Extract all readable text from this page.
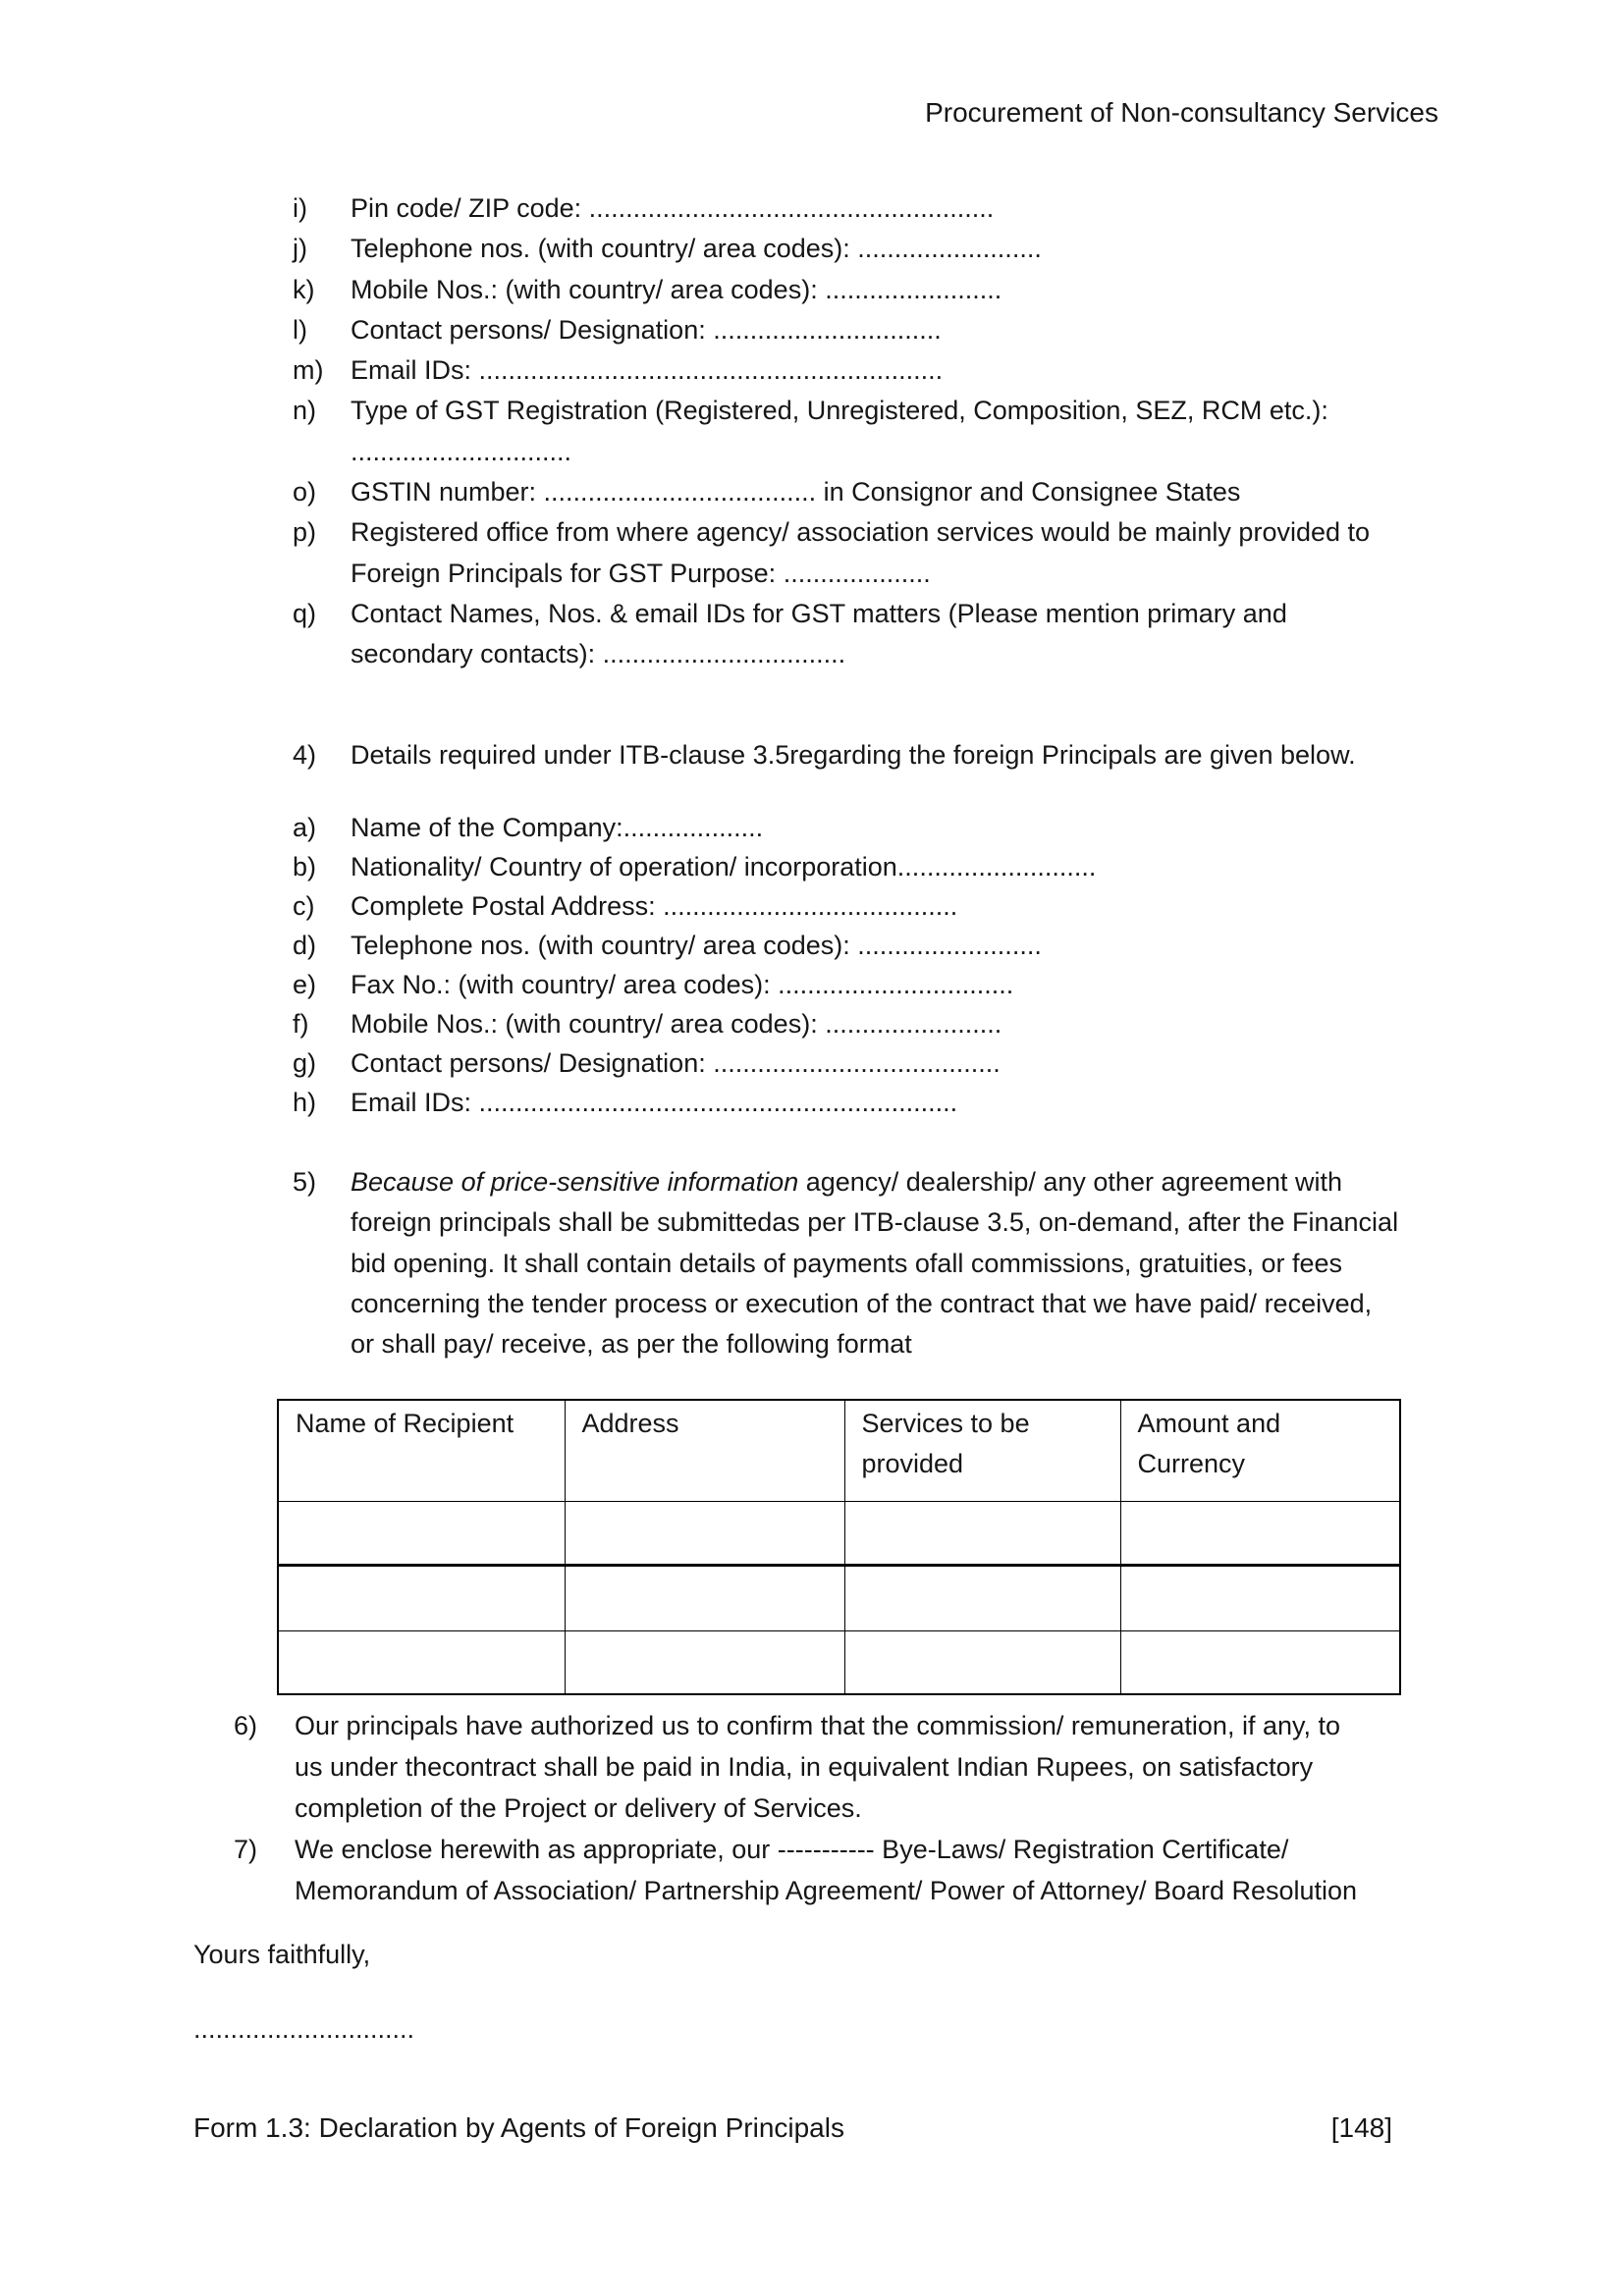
Procurement of Non-consultancy Services
i)	Pin code/ ZIP code: .......................................................
j)	Telephone nos. (with country/ area codes): .........................
k)	Mobile Nos.: (with country/ area codes): ........................
l)	Contact persons/ Designation: ...............................
m)	Email IDs: ...............................................................
n)	Type of GST Registration (Registered, Unregistered, Composition, SEZ, RCM etc.):
..............................
o)	GSTIN number: ..................................... in Consignor and Consignee States
p)	Registered office from where agency/ association services would be mainly provided to
Foreign Principals for GST Purpose: ....................
q)	Contact Names, Nos. & email IDs for GST matters (Please mention primary and
secondary contacts): .................................
4)	Details required under ITB-clause 3.5regarding the foreign Principals are given below.
a)	Name of the Company:...................
b)	Nationality/ Country of operation/ incorporation...........................
c)	Complete Postal Address: ........................................
d)	Telephone nos. (with country/ area codes): .........................
e)	Fax No.: (with country/ area codes): ................................
f)	Mobile Nos.: (with country/ area codes): ........................
g)	Contact persons/ Designation: .......................................
h)	Email IDs: .................................................................
5)	Because of price-sensitive information agency/ dealership/ any other agreement with
foreign principals shall be submittedas per ITB-clause 3.5, on-demand, after the Financial
bid opening. It shall contain details of payments ofall commissions, gratuities, or fees
concerning the tender process or execution of the contract that we have paid/ received,
or shall pay/ receive, as per the following format
Name of Recipient	Address	Services to be provided	Amount and Currency

6)	Our principals have authorized us to confirm that the commission/ remuneration, if any, to
us under thecontract shall be paid in India, in equivalent Indian Rupees, on satisfactory
completion of the Project or delivery of Services.
7)	We enclose herewith as appropriate, our ----------- Bye-Laws/ Registration Certificate/
Memorandum of Association/ Partnership Agreement/ Power of Attorney/ Board Resolution
Yours faithfully,
..............................
Form 1.3: Declaration by Agents of Foreign Principals	[148]
